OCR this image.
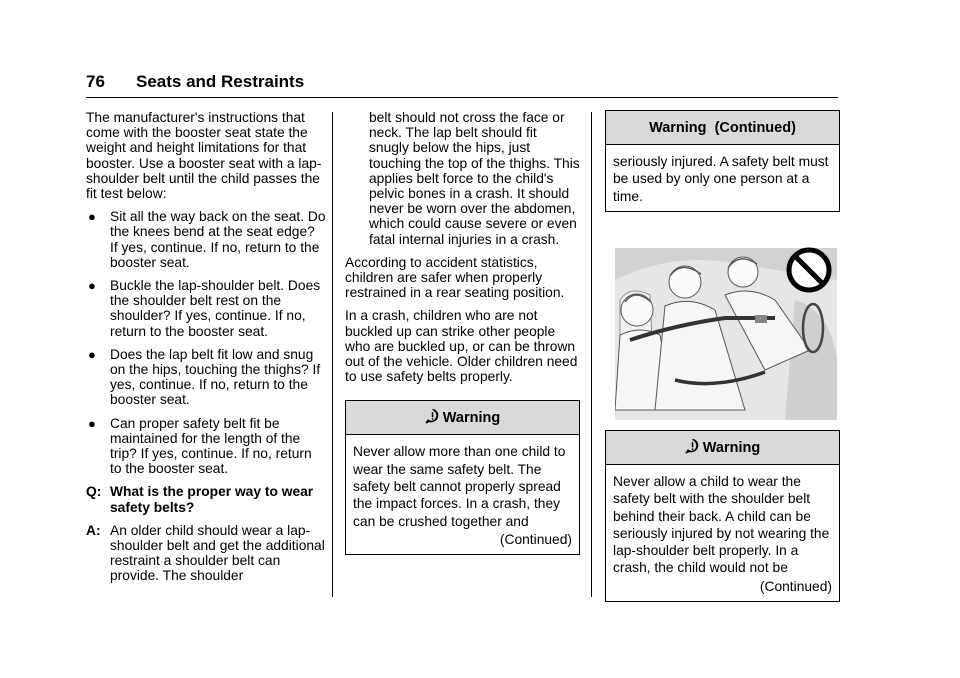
76 Seats and Restraints

The manufacturer's instructions that come with the booster seat state the weight and height limitations for that booster. Use a booster seat with a lap-shoulder belt until the child passes the fit test below:

● Sit all the way back on the seat. Do the knees bend at the seat edge? If yes, continue. If no, return to the booster seat.
● Buckle the lap-shoulder belt. Does the shoulder belt rest on the shoulder? If yes, continue. If no, return to the booster seat.
● Does the lap belt fit low and snug on the hips, touching the thighs? If yes, continue. If no, return to the booster seat.
● Can proper safety belt fit be maintained for the length of the trip? If yes, continue. If no, return to the booster seat.
Q: What is the proper way to wear safety belts?
A: An older child should wear a lap-shoulder belt and get the additional restraint a shoulder belt can provide. The shoulder

belt should not cross the face or neck. The lap belt should fit snugly below the hips, just touching the top of the thighs. This applies belt force to the child's pelvic bones in a crash. It should never be worn over the abdomen, which could cause severe or even fatal internal injuries in a crash.

According to accident statistics, children are safer when properly restrained in a rear seating position.

In a crash, children who are not buckled up can strike other people who are buckled up, or can be thrown out of the vehicle. Older children need to use safety belts properly.

Warning

Never allow more than one child to wear the same safety belt. The safety belt cannot properly spread the impact forces. In a crash, they can be crushed together and

(Continued)

Warning  (Continued)

seriously injured. A safety belt must be used by only one person at a time.

Warning

Never allow a child to wear the safety belt with the shoulder belt behind their back. A child can be seriously injured by not wearing the lap-shoulder belt properly. In a crash, the child would not be

(Continued)
